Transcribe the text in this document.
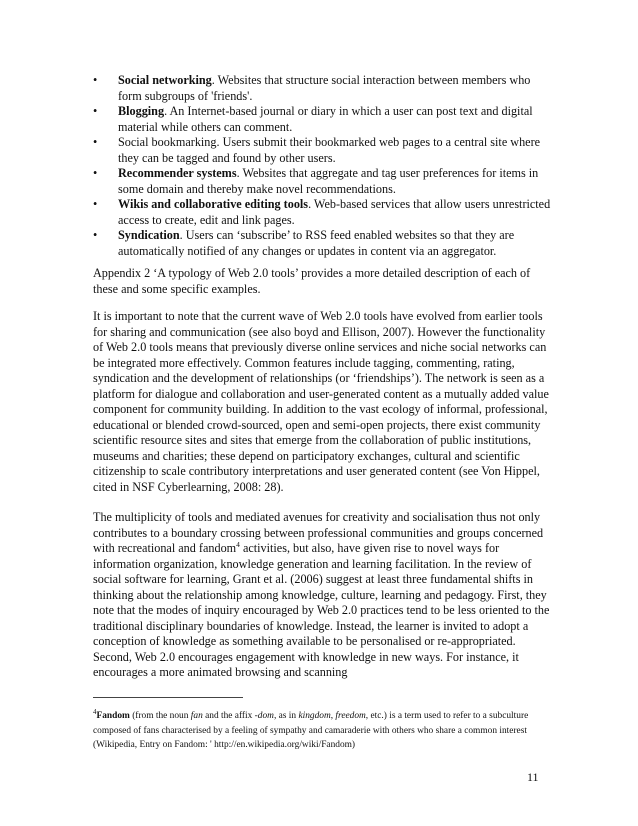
• Social networking. Websites that structure social interaction between members who form subgroups of 'friends'.
• Blogging. An Internet-based journal or diary in which a user can post text and digital material while others can comment.
• Social bookmarking. Users submit their bookmarked web pages to a central site where they can be tagged and found by other users.
• Recommender systems. Websites that aggregate and tag user preferences for items in some domain and thereby make novel recommendations.
• Wikis and collaborative editing tools. Web-based services that allow users unrestricted access to create, edit and link pages.
• Syndication. Users can ‘subscribe’ to RSS feed enabled websites so that they are automatically notified of any changes or updates in content via an aggregator.

Appendix 2 ‘A typology of Web 2.0 tools’ provides a more detailed description of each of these and some specific examples.

It is important to note that the current wave of Web 2.0 tools have evolved from earlier tools for sharing and communication (see also boyd and Ellison, 2007). However the functionality of Web 2.0 tools means that previously diverse online services and niche social networks can be integrated more effectively. Common features include tagging, commenting, rating, syndication and the development of relationships (or ‘friendships’). The network is seen as a platform for dialogue and collaboration and user-generated content as a mutually added value component for community building. In addition to the vast ecology of informal, professional, educational or blended crowd-sourced, open and semi-open projects, there exist community scientific resource sites and sites that emerge from the collaboration of public institutions, museums and charities; these depend on participatory exchanges, cultural and scientific citizenship to scale contributory interpretations and user generated content (see Von Hippel, cited in NSF Cyberlearning, 2008: 28).

The multiplicity of tools and mediated avenues for creativity and socialisation thus not only contributes to a boundary crossing between professional communities and groups concerned with recreational and fandom$^4$ activities, but also, have given rise to novel ways for information organization, knowledge generation and learning facilitation. In the review of social software for learning, Grant et al. (2006) suggest at least three fundamental shifts in thinking about the relationship among knowledge, culture, learning and pedagogy. First, they note that the modes of inquiry encouraged by Web 2.0 practices tend to be less oriented to the traditional disciplinary boundaries of knowledge. Instead, the learner is invited to adopt a conception of knowledge as something available to be personalised or re-appropriated. Second, Web 2.0 encourages engagement with knowledge in new ways. For instance, it encourages a more animated browsing and scanning

$^4$Fandom (from the noun fan and the affix -dom, as in kingdom, freedom, etc.) is a term used to refer to a subculture composed of fans characterised by a feeling of sympathy and camaraderie with others who share a common interest (Wikipedia, Entry on Fandom: ' http://en.wikipedia.org/wiki/Fandom)

11
